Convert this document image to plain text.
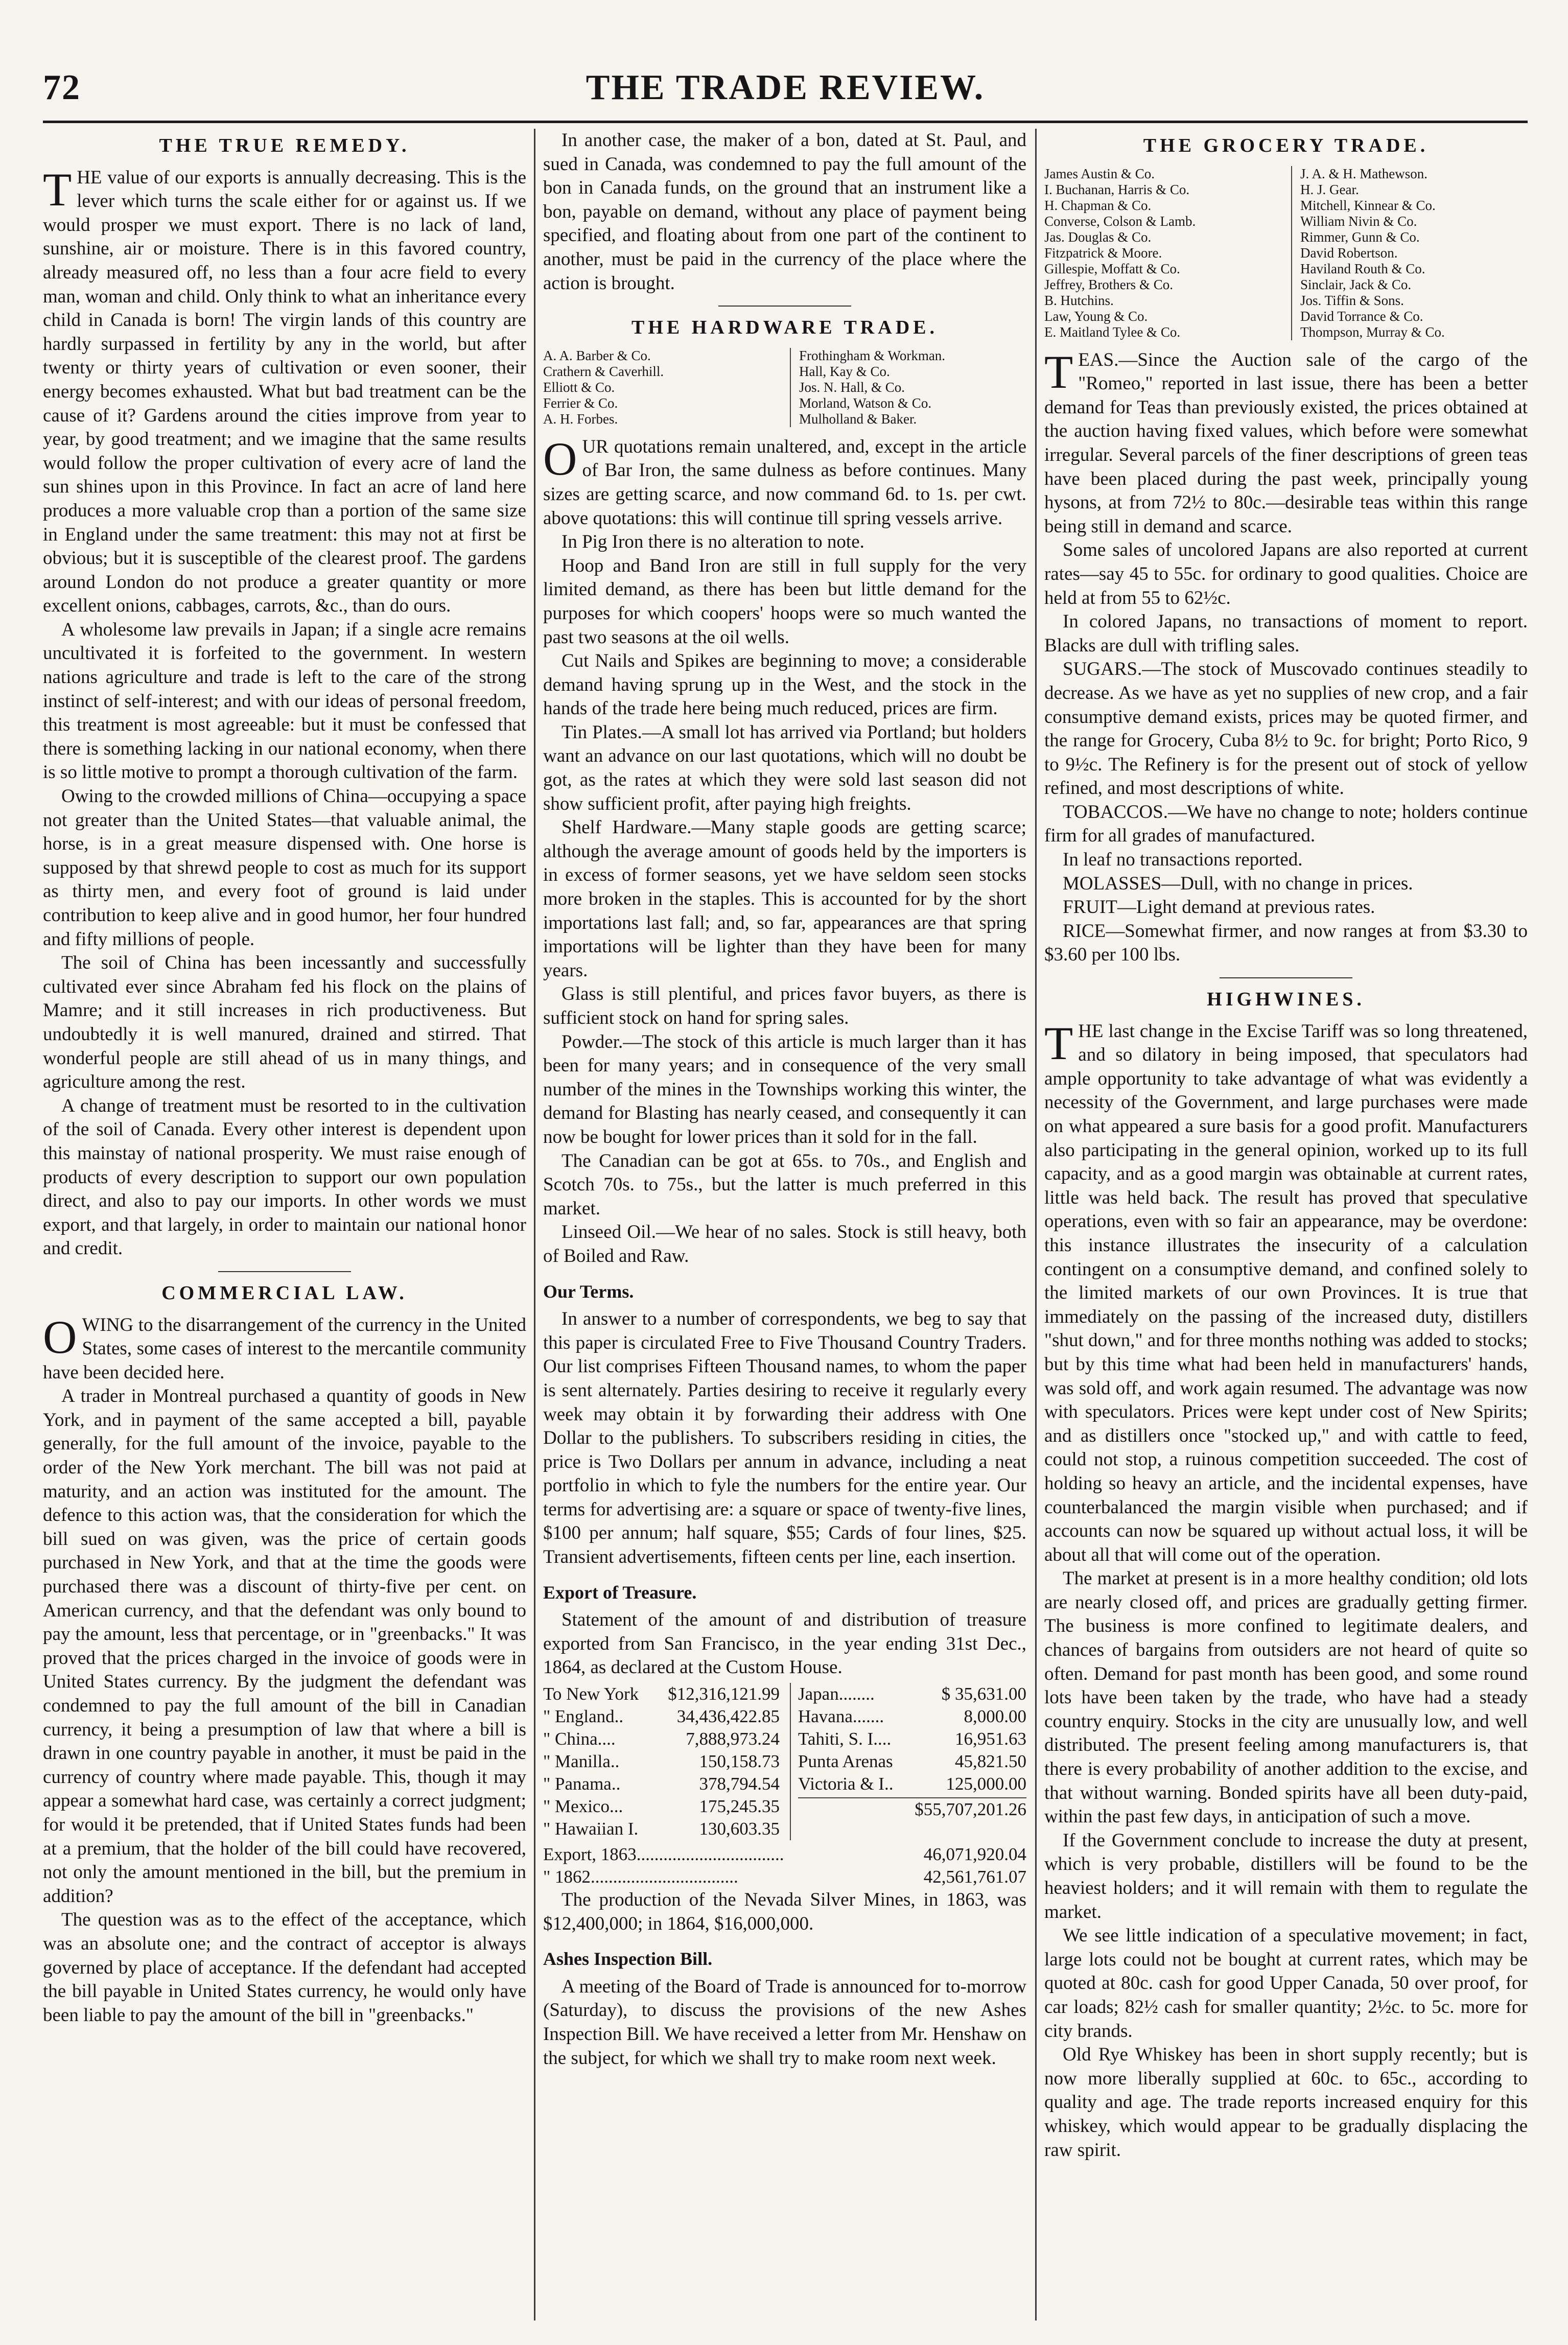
72	THE TRADE REVIEW.
THE TRUE REMEDY.

THE value of our exports is annually decreasing. This is the lever which turns the scale either for or against us. If we would prosper we must export. There is no lack of land, sunshine, air or moisture. There is in this favored country, already measured off, no less than a four acre field to every man, woman and child. Only think to what an inheritance every child in Canada is born! The virgin lands of this country are hardly surpassed in fertility by any in the world, but after twenty or thirty years of cultivation or even sooner, their energy becomes exhausted. What but bad treatment can be the cause of it? Gardens around the cities improve from year to year, by good treatment; and we imagine that the same results would follow the proper cultivation of every acre of land the sun shines upon in this Province. In fact an acre of land here produces a more valuable crop than a portion of the same size in England under the same treatment: this may not at first be obvious; but it is susceptible of the clearest proof. The gardens around London do not produce a greater quantity or more excellent onions, cabbages, carrots, &c., than do ours.

A wholesome law prevails in Japan; if a single acre remains uncultivated it is forfeited to the government. In western nations agriculture and trade is left to the care of the strong instinct of self-interest; and with our ideas of personal freedom, this treatment is most agreeable: but it must be confessed that there is something lacking in our national economy, when there is so little motive to prompt a thorough cultivation of the farm.

Owing to the crowded millions of China—occupying a space not greater than the United States—that valuable animal, the horse, is in a great measure dispensed with. One horse is supposed by that shrewd people to cost as much for its support as thirty men, and every foot of ground is laid under contribution to keep alive and in good humor, her four hundred and fifty millions of people.

The soil of China has been incessantly and successfully cultivated ever since Abraham fed his flock on the plains of Mamre; and it still increases in rich productiveness. But undoubtedly it is well manured, drained and stirred. That wonderful people are still ahead of us in many things, and agriculture among the rest.

A change of treatment must be resorted to in the cultivation of the soil of Canada. Every other interest is dependent upon this mainstay of national prosperity. We must raise enough of products of every description to support our own population direct, and also to pay our imports. In other words we must export, and that largely, in order to maintain our national honor and credit.

COMMERCIAL LAW.

OWING to the disarrangement of the currency in the United States, some cases of interest to the mercantile community have been decided here.

A trader in Montreal purchased a quantity of goods in New York, and in payment of the same accepted a bill, payable generally, for the full amount of the invoice, payable to the order of the New York merchant. The bill was not paid at maturity, and an action was instituted for the amount. The defence to this action was, that the consideration for which the bill sued on was given, was the price of certain goods purchased in New York, and that at the time the goods were purchased there was a discount of thirty-five per cent. on American currency, and that the defendant was only bound to pay the amount, less that percentage, or in "greenbacks." It was proved that the prices charged in the invoice of goods were in United States currency. By the judgment the defendant was condemned to pay the full amount of the bill in Canadian currency, it being a presumption of law that where a bill is drawn in one country payable in another, it must be paid in the currency of country where made payable. This, though it may appear a somewhat hard case, was certainly a correct judgment; for would it be pretended, that if United States funds had been at a premium, that the holder of the bill could have recovered, not only the amount mentioned in the bill, but the premium in addition?

The question was as to the effect of the acceptance, which was an absolute one; and the contract of acceptor is always governed by place of acceptance. If the defendant had accepted the bill payable in United States currency, he would only have been liable to pay the amount of the bill in "greenbacks."

In another case, the maker of a bon, dated at St. Paul, and sued in Canada, was condemned to pay the full amount of the bon in Canada funds, on the ground that an instrument like a bon, payable on demand, without any place of payment being specified, and floating about from one part of the continent to another, must be paid in the currency of the place where the action is brought.

THE HARDWARE TRADE.
A. A. Barber & Co.
Crathern & Caverhill.
Elliott & Co.
Ferrier & Co.
A. H. Forbes.
Frothingham & Workman.
Hall, Kay & Co.
Jos. N. Hall, & Co.
Morland, Watson & Co.
Mulholland & Baker.

OUR quotations remain unaltered, and, except in the article of Bar Iron, the same dulness as before continues. Many sizes are getting scarce, and now command 6d. to 1s. per cwt. above quotations: this will continue till spring vessels arrive.

In Pig Iron there is no alteration to note.

Hoop and Band Iron are still in full supply for the very limited demand, as there has been but little demand for the purposes for which coopers' hoops were so much wanted the past two seasons at the oil wells.

Cut Nails and Spikes are beginning to move; a considerable demand having sprung up in the West, and the stock in the hands of the trade here being much reduced, prices are firm.

Tin Plates.—A small lot has arrived via Portland; but holders want an advance on our last quotations, which will no doubt be got, as the rates at which they were sold last season did not show sufficient profit, after paying high freights.

Shelf Hardware.—Many staple goods are getting scarce; although the average amount of goods held by the importers is in excess of former seasons, yet we have seldom seen stocks more broken in the staples. This is accounted for by the short importations last fall; and, so far, appearances are that spring importations will be lighter than they have been for many years.

Glass is still plentiful, and prices favor buyers, as there is sufficient stock on hand for spring sales.

Powder.—The stock of this article is much larger than it has been for many years; and in consequence of the very small number of the mines in the Townships working this winter, the demand for Blasting has nearly ceased, and consequently it can now be bought for lower prices than it sold for in the fall.

The Canadian can be got at 65s. to 70s., and English and Scotch 70s. to 75s., but the latter is much preferred in this market.

Linseed Oil.—We hear of no sales. Stock is still heavy, both of Boiled and Raw.

Our Terms.

In answer to a number of correspondents, we beg to say that this paper is circulated Free to Five Thousand Country Traders. Our list comprises Fifteen Thousand names, to whom the paper is sent alternately. Parties desiring to receive it regularly every week may obtain it by forwarding their address with One Dollar to the publishers. To subscribers residing in cities, the price is Two Dollars per annum in advance, including a neat portfolio in which to fyle the numbers for the entire year. Our terms for advertising are: a square or space of twenty-five lines, $100 per annum; half square, $55; Cards of four lines, $25. Transient advertisements, fifteen cents per line, each insertion.

Export of Treasure.

Statement of the amount of and distribution of treasure exported from San Francisco, in the year ending 31st Dec., 1864, as declared at the Custom House.

To New York $12,316,121.99
" England..	34,436,422.85
" China....	7,888,973.24
" Manilla..	150,158.73
" Panama..	378,794.54
" Mexico...	175,245.35
" Hawaiian I.	130,603.35
Japan........	$ 35,631.00
Havana.......	8,000.00
Tahiti, S. I....	16,951.63
Punta Arenas	45,821.50
Victoria & I..	125,000.00
$55,707,201.26
Export, 1863.................................	46,071,920.04
" 1862.................................	42,561,761.07

The production of the Nevada Silver Mines, in 1863, was $12,400,000; in 1864, $16,000,000.

Ashes Inspection Bill.

A meeting of the Board of Trade is announced for to-morrow (Saturday), to discuss the provisions of the new Ashes Inspection Bill. We have received a letter from Mr. Henshaw on the subject, for which we shall try to make room next week.

THE GROCERY TRADE.
James Austin & Co.
I. Buchanan, Harris & Co.
H. Chapman & Co.
Converse, Colson & Lamb.
Jas. Douglas & Co.
Fitzpatrick & Moore.
Gillespie, Moffatt & Co.
Jeffrey, Brothers & Co.
B. Hutchins.
Law, Young & Co.
E. Maitland Tylee & Co.
J. A. & H. Mathewson.
H. J. Gear.
Mitchell, Kinnear & Co.
William Nivin & Co.
Rimmer, Gunn & Co.
David Robertson.
Haviland Routh & Co.
Sinclair, Jack & Co.
Jos. Tiffin & Sons.
David Torrance & Co.
Thompson, Murray & Co.

TEAS.—Since the Auction sale of the cargo of the "Romeo," reported in last issue, there has been a better demand for Teas than previously existed, the prices obtained at the auction having fixed values, which before were somewhat irregular. Several parcels of the finer descriptions of green teas have been placed during the past week, principally young hysons, at from 72½ to 80c.—desirable teas within this range being still in demand and scarce.

Some sales of uncolored Japans are also reported at current rates—say 45 to 55c. for ordinary to good qualities. Choice are held at from 55 to 62½c.

In colored Japans, no transactions of moment to report. Blacks are dull with trifling sales.

SUGARS.—The stock of Muscovado continues steadily to decrease. As we have as yet no supplies of new crop, and a fair consumptive demand exists, prices may be quoted firmer, and the range for Grocery, Cuba 8½ to 9c. for bright; Porto Rico, 9 to 9½c. The Refinery is for the present out of stock of yellow refined, and most descriptions of white.

TOBACCOS.—We have no change to note; holders continue firm for all grades of manufactured.

In leaf no transactions reported.

MOLASSES—Dull, with no change in prices.

FRUIT—Light demand at previous rates.

RICE—Somewhat firmer, and now ranges at from $3.30 to $3.60 per 100 lbs.

HIGHWINES.

THE last change in the Excise Tariff was so long threatened, and so dilatory in being imposed, that speculators had ample opportunity to take advantage of what was evidently a necessity of the Government, and large purchases were made on what appeared a sure basis for a good profit. Manufacturers also participating in the general opinion, worked up to its full capacity, and as a good margin was obtainable at current rates, little was held back. The result has proved that speculative operations, even with so fair an appearance, may be overdone: this instance illustrates the insecurity of a calculation contingent on a consumptive demand, and confined solely to the limited markets of our own Provinces. It is true that immediately on the passing of the increased duty, distillers "shut down," and for three months nothing was added to stocks; but by this time what had been held in manufacturers' hands, was sold off, and work again resumed. The advantage was now with speculators. Prices were kept under cost of New Spirits; and as distillers once "stocked up," and with cattle to feed, could not stop, a ruinous competition succeeded. The cost of holding so heavy an article, and the incidental expenses, have counterbalanced the margin visible when purchased; and if accounts can now be squared up without actual loss, it will be about all that will come out of the operation.

The market at present is in a more healthy condition; old lots are nearly closed off, and prices are gradually getting firmer. The business is more confined to legitimate dealers, and chances of bargains from outsiders are not heard of quite so often. Demand for past month has been good, and some round lots have been taken by the trade, who have had a steady country enquiry. Stocks in the city are unusually low, and well distributed. The present feeling among manufacturers is, that there is every probability of another addition to the excise, and that without warning. Bonded spirits have all been duty-paid, within the past few days, in anticipation of such a move.

If the Government conclude to increase the duty at present, which is very probable, distillers will be found to be the heaviest holders; and it will remain with them to regulate the market.

We see little indication of a speculative movement; in fact, large lots could not be bought at current rates, which may be quoted at 80c. cash for good Upper Canada, 50 over proof, for car loads; 82½ cash for smaller quantity; 2½c. to 5c. more for city brands.

Old Rye Whiskey has been in short supply recently; but is now more liberally supplied at 60c. to 65c., according to quality and age. The trade reports increased enquiry for this whiskey, which would appear to be gradually displacing the raw spirit.
